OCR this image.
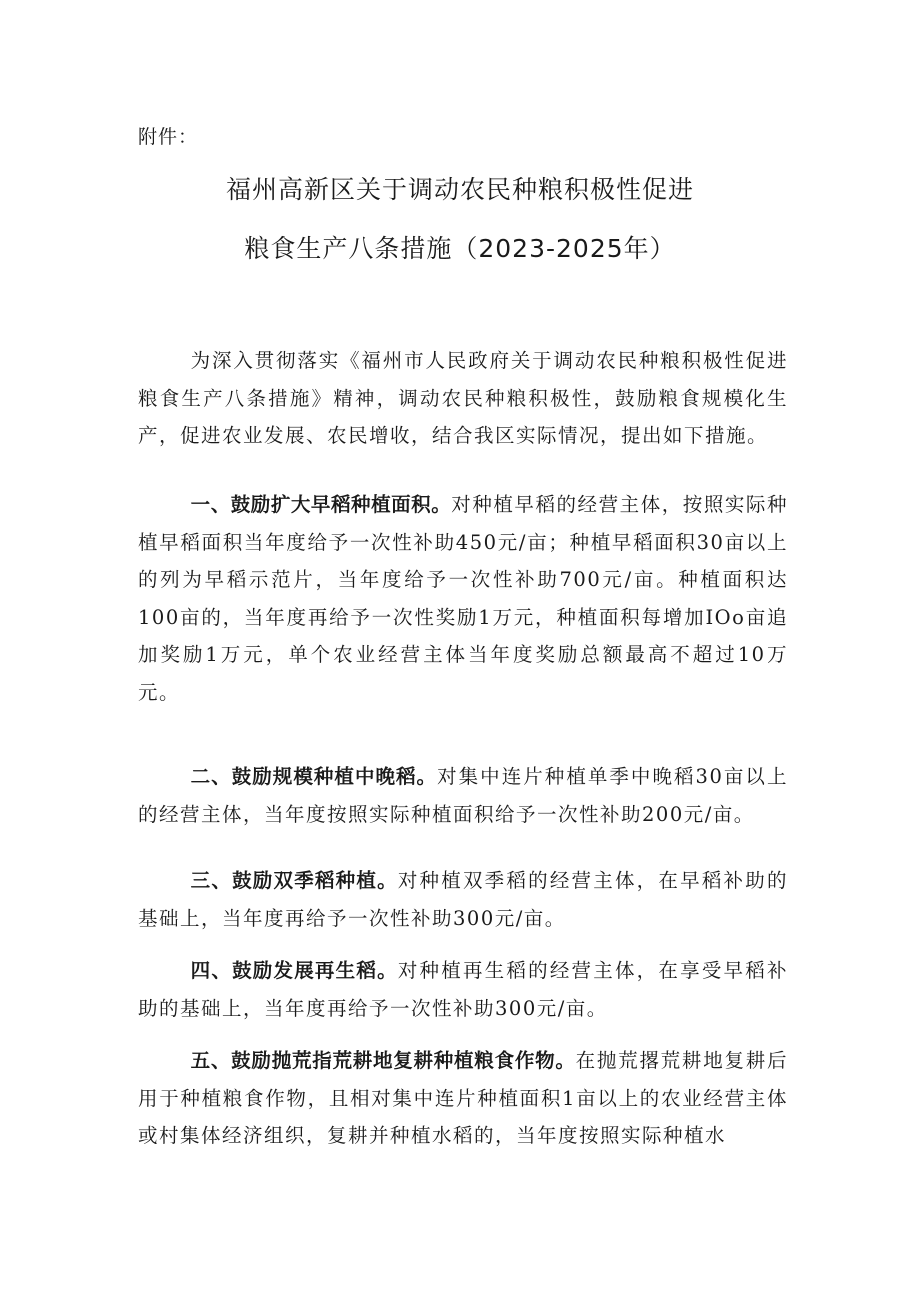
附件：
福州高新区关于调动农民种粮积极性促进
粮食生产八条措施（2023-2025年）
为深入贯彻落实《福州市人民政府关于调动农民种粮积极性促进粮食生产八条措施》精神，调动农民种粮积极性，鼓励粮食规模化生产，促进农业发展、农民增收，结合我区实际情况，提出如下措施。
一、鼓励扩大早稻种植面积。对种植早稻的经营主体，按照实际种植早稻面积当年度给予一次性补助450元/亩；种植早稻面积30亩以上的列为早稻示范片，当年度给予一次性补助700元/亩。种植面积达100亩的，当年度再给予一次性奖励1万元，种植面积每增加IOo亩追加奖励1万元，单个农业经营主体当年度奖励总额最高不超过10万元。
二、鼓励规模种植中晚稻。对集中连片种植单季中晚稻30亩以上的经营主体，当年度按照实际种植面积给予一次性补助200元/亩。
三、鼓励双季稻种植。对种植双季稻的经营主体，在早稻补助的基础上，当年度再给予一次性补助300元/亩。
四、鼓励发展再生稻。对种植再生稻的经营主体，在享受早稻补助的基础上，当年度再给予一次性补助300元/亩。
五、鼓励抛荒指荒耕地复耕种植粮食作物。在抛荒撂荒耕地复耕后用于种植粮食作物，且相对集中连片种植面积1亩以上的农业经营主体或村集体经济组织，复耕并种植水稻的，当年度按照实际种植水
